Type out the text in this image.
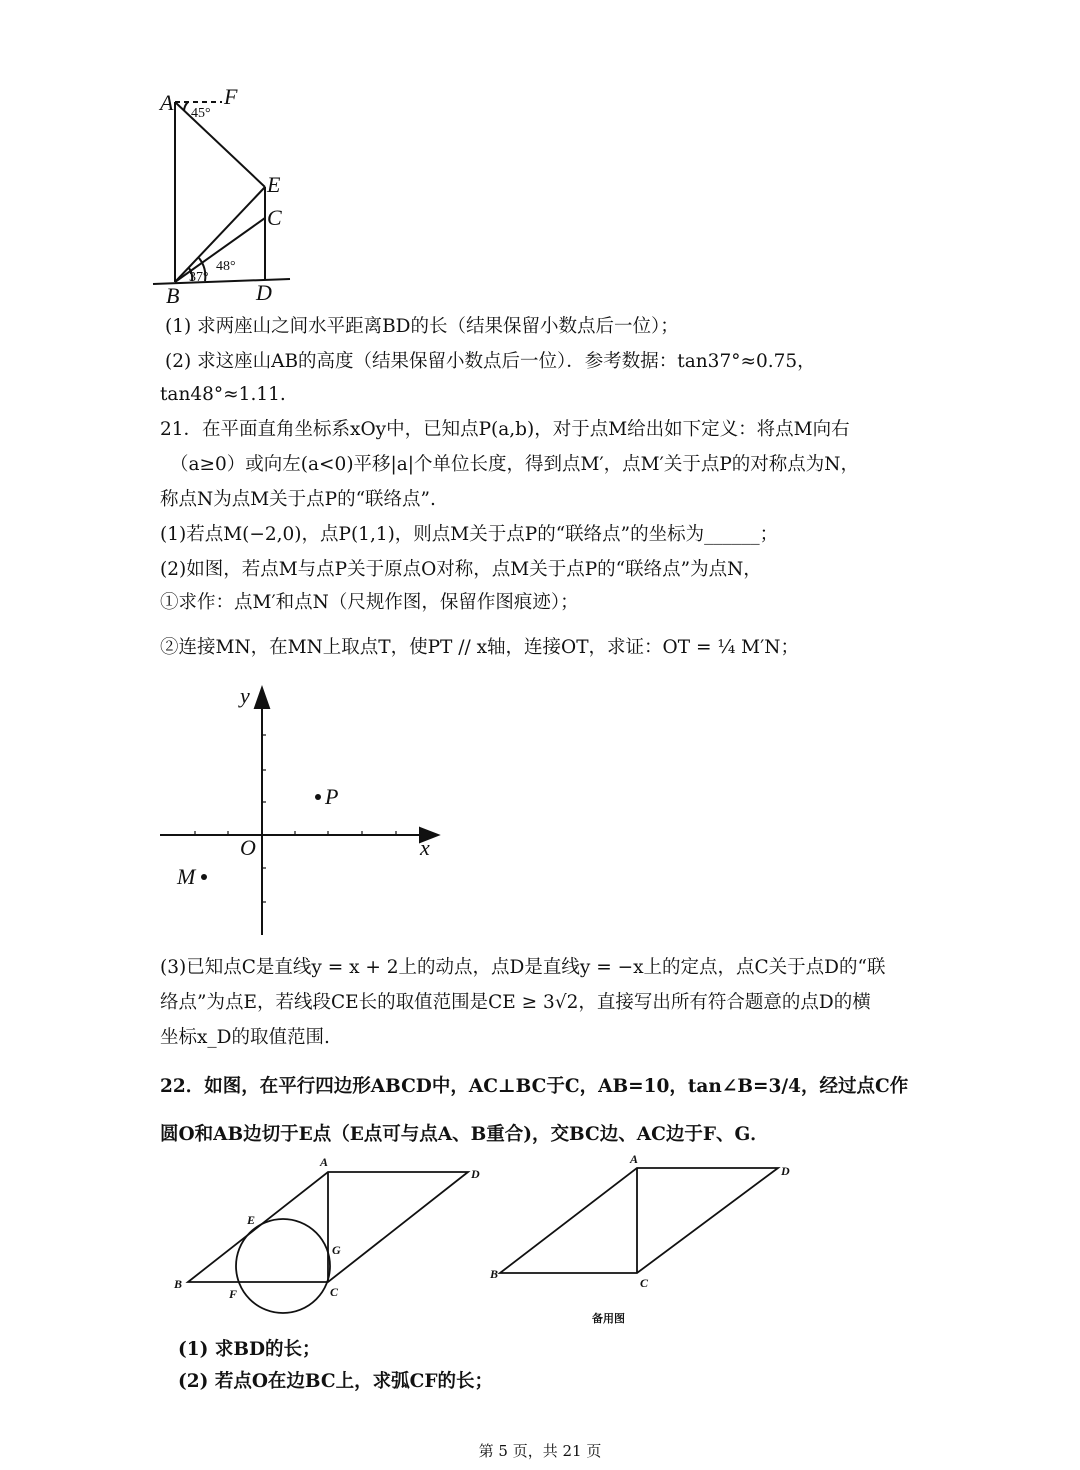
A F
E
C
B	D
45°
48°
37°
y
x
O
P
M
A
D
E
G
B
F	C
A
D
B
C
备用图
(1) 求两座山之间水平距离BD的长（结果保留小数点后一位）；
(2) 求这座山AB的高度（结果保留小数点后一位）．参考数据：tan37°≈0.75，
tan48°≈1.11.
21．在平面直角坐标系xOy中，已知点P(a,b)，对于点M给出如下定义：将点M向右
（a≥0）或向左(a<0)平移|a|个单位长度，得到点M′，点M′关于点P的对称点为N，
称点N为点M关于点P的“联络点”.
(1)若点M(−2,0)，点P(1,1)，则点M关于点P的“联络点”的坐标为______；
(2)如图，若点M与点P关于原点O对称，点M关于点P的“联络点”为点N，
①求作：点M′和点N（尺规作图，保留作图痕迹）；
②连接MN，在MN上取点T，使PT // x轴，连接OT，求证：OT = ¼ M′N；
(3)已知点C是直线y = x + 2上的动点，点D是直线y = −x上的定点，点C关于点D的“联
络点”为点E，若线段CE长的取值范围是CE ≥ 3√2，直接写出所有符合题意的点D的横
坐标x_D的取值范围.
22．如图，在平行四边形ABCD中，AC⊥BC于C，AB=10，tan∠B=3/4，经过点C作
圆O和AB边切于E点（E点可与点A、B重合)，交BC边、AC边于F、G．
(1) 求BD的长；
(2) 若点O在边BC上，求弧CF的长；
第 5 页，共 21 页
